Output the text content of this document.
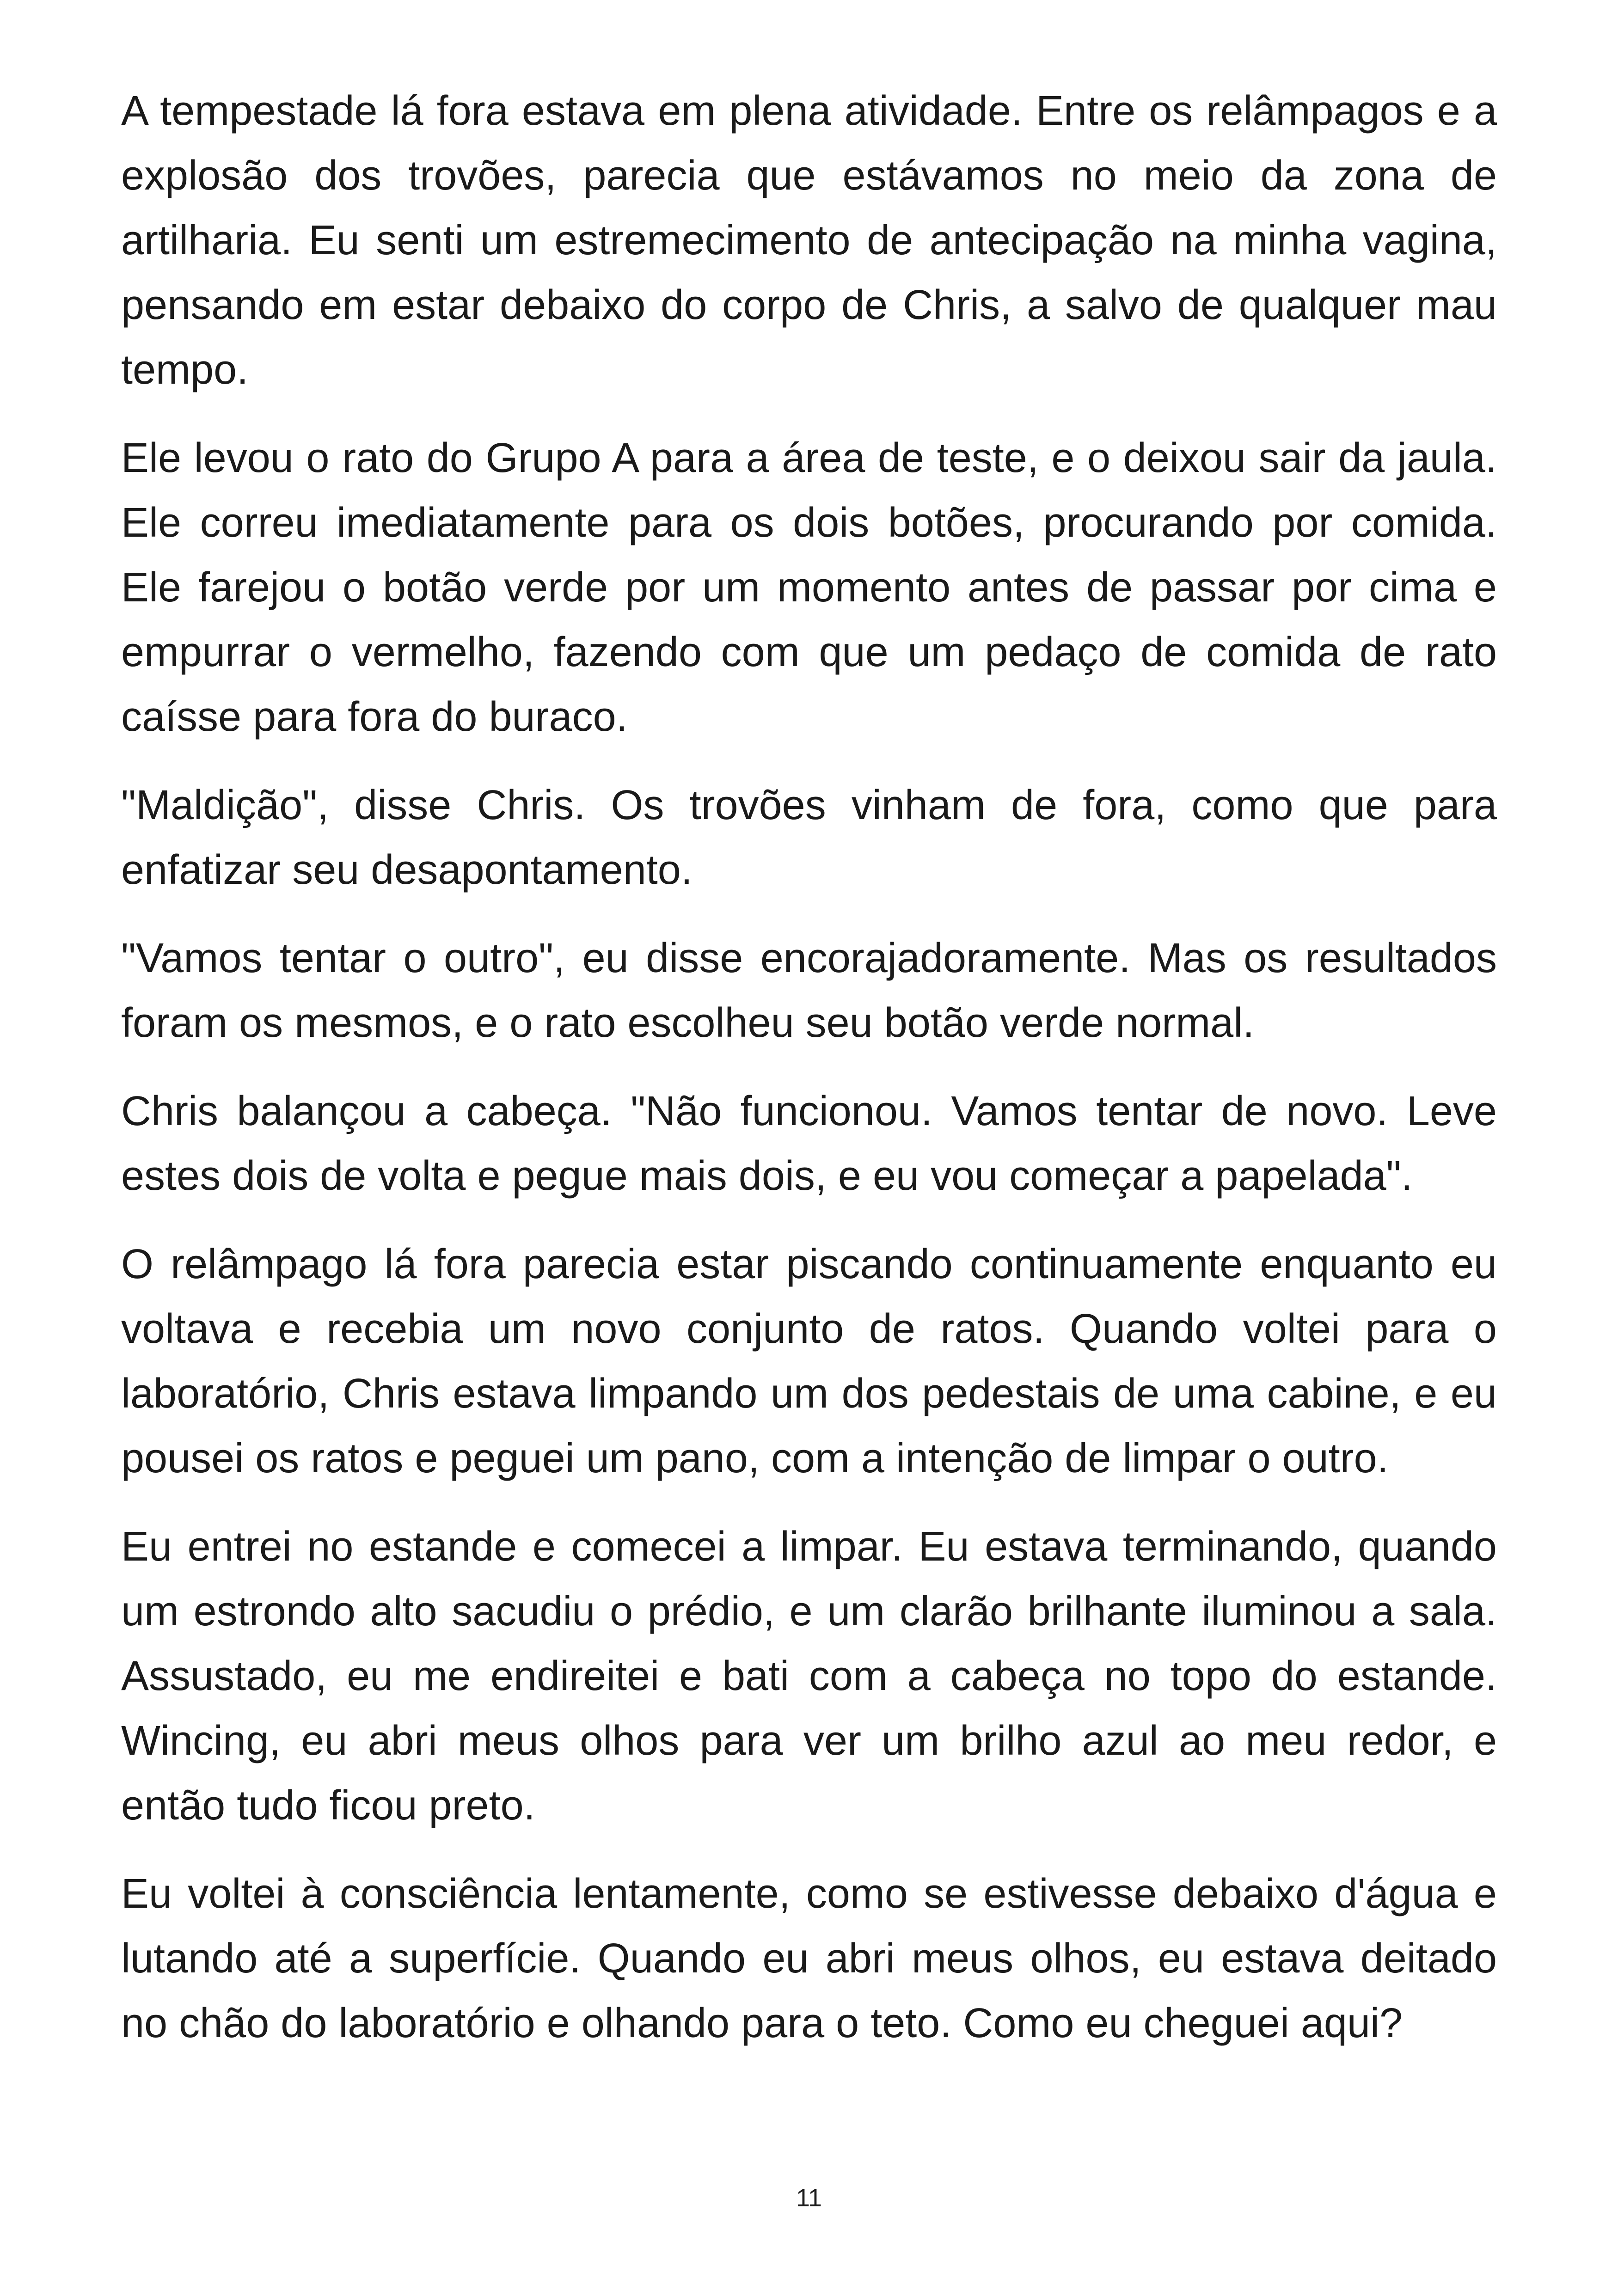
A tempestade lá fora estava em plena atividade. Entre os relâmpagos e a explosão dos trovões, parecia que estávamos no meio da zona de artilharia. Eu senti um estremecimento de antecipação na minha vagina, pensando em estar debaixo do corpo de Chris, a salvo de qualquer mau tempo.

Ele levou o rato do Grupo A para a área de teste, e o deixou sair da jaula. Ele correu imediatamente para os dois botões, procurando por comida. Ele farejou o botão verde por um momento antes de passar por cima e empurrar o vermelho, fazendo com que um pedaço de comida de rato caísse para fora do buraco.

"Maldição", disse Chris. Os trovões vinham de fora, como que para enfatizar seu desapontamento.

"Vamos tentar o outro", eu disse encorajadoramente. Mas os resultados foram os mesmos, e o rato escolheu seu botão verde normal.

Chris balançou a cabeça. "Não funcionou. Vamos tentar de novo. Leve estes dois de volta e pegue mais dois, e eu vou começar a papelada".

O relâmpago lá fora parecia estar piscando continuamente enquanto eu voltava e recebia um novo conjunto de ratos. Quando voltei para o laboratório, Chris estava limpando um dos pedestais de uma cabine, e eu pousei os ratos e peguei um pano, com a intenção de limpar o outro.

Eu entrei no estande e comecei a limpar. Eu estava terminando, quando um estrondo alto sacudiu o prédio, e um clarão brilhante iluminou a sala. Assustado, eu me endireitei e bati com a cabeça no topo do estande. Wincing, eu abri meus olhos para ver um brilho azul ao meu redor, e então tudo ficou preto.

Eu voltei à consciência lentamente, como se estivesse debaixo d'água e lutando até a superfície. Quando eu abri meus olhos, eu estava deitado no chão do laboratório e olhando para o teto. Como eu cheguei aqui?

11
